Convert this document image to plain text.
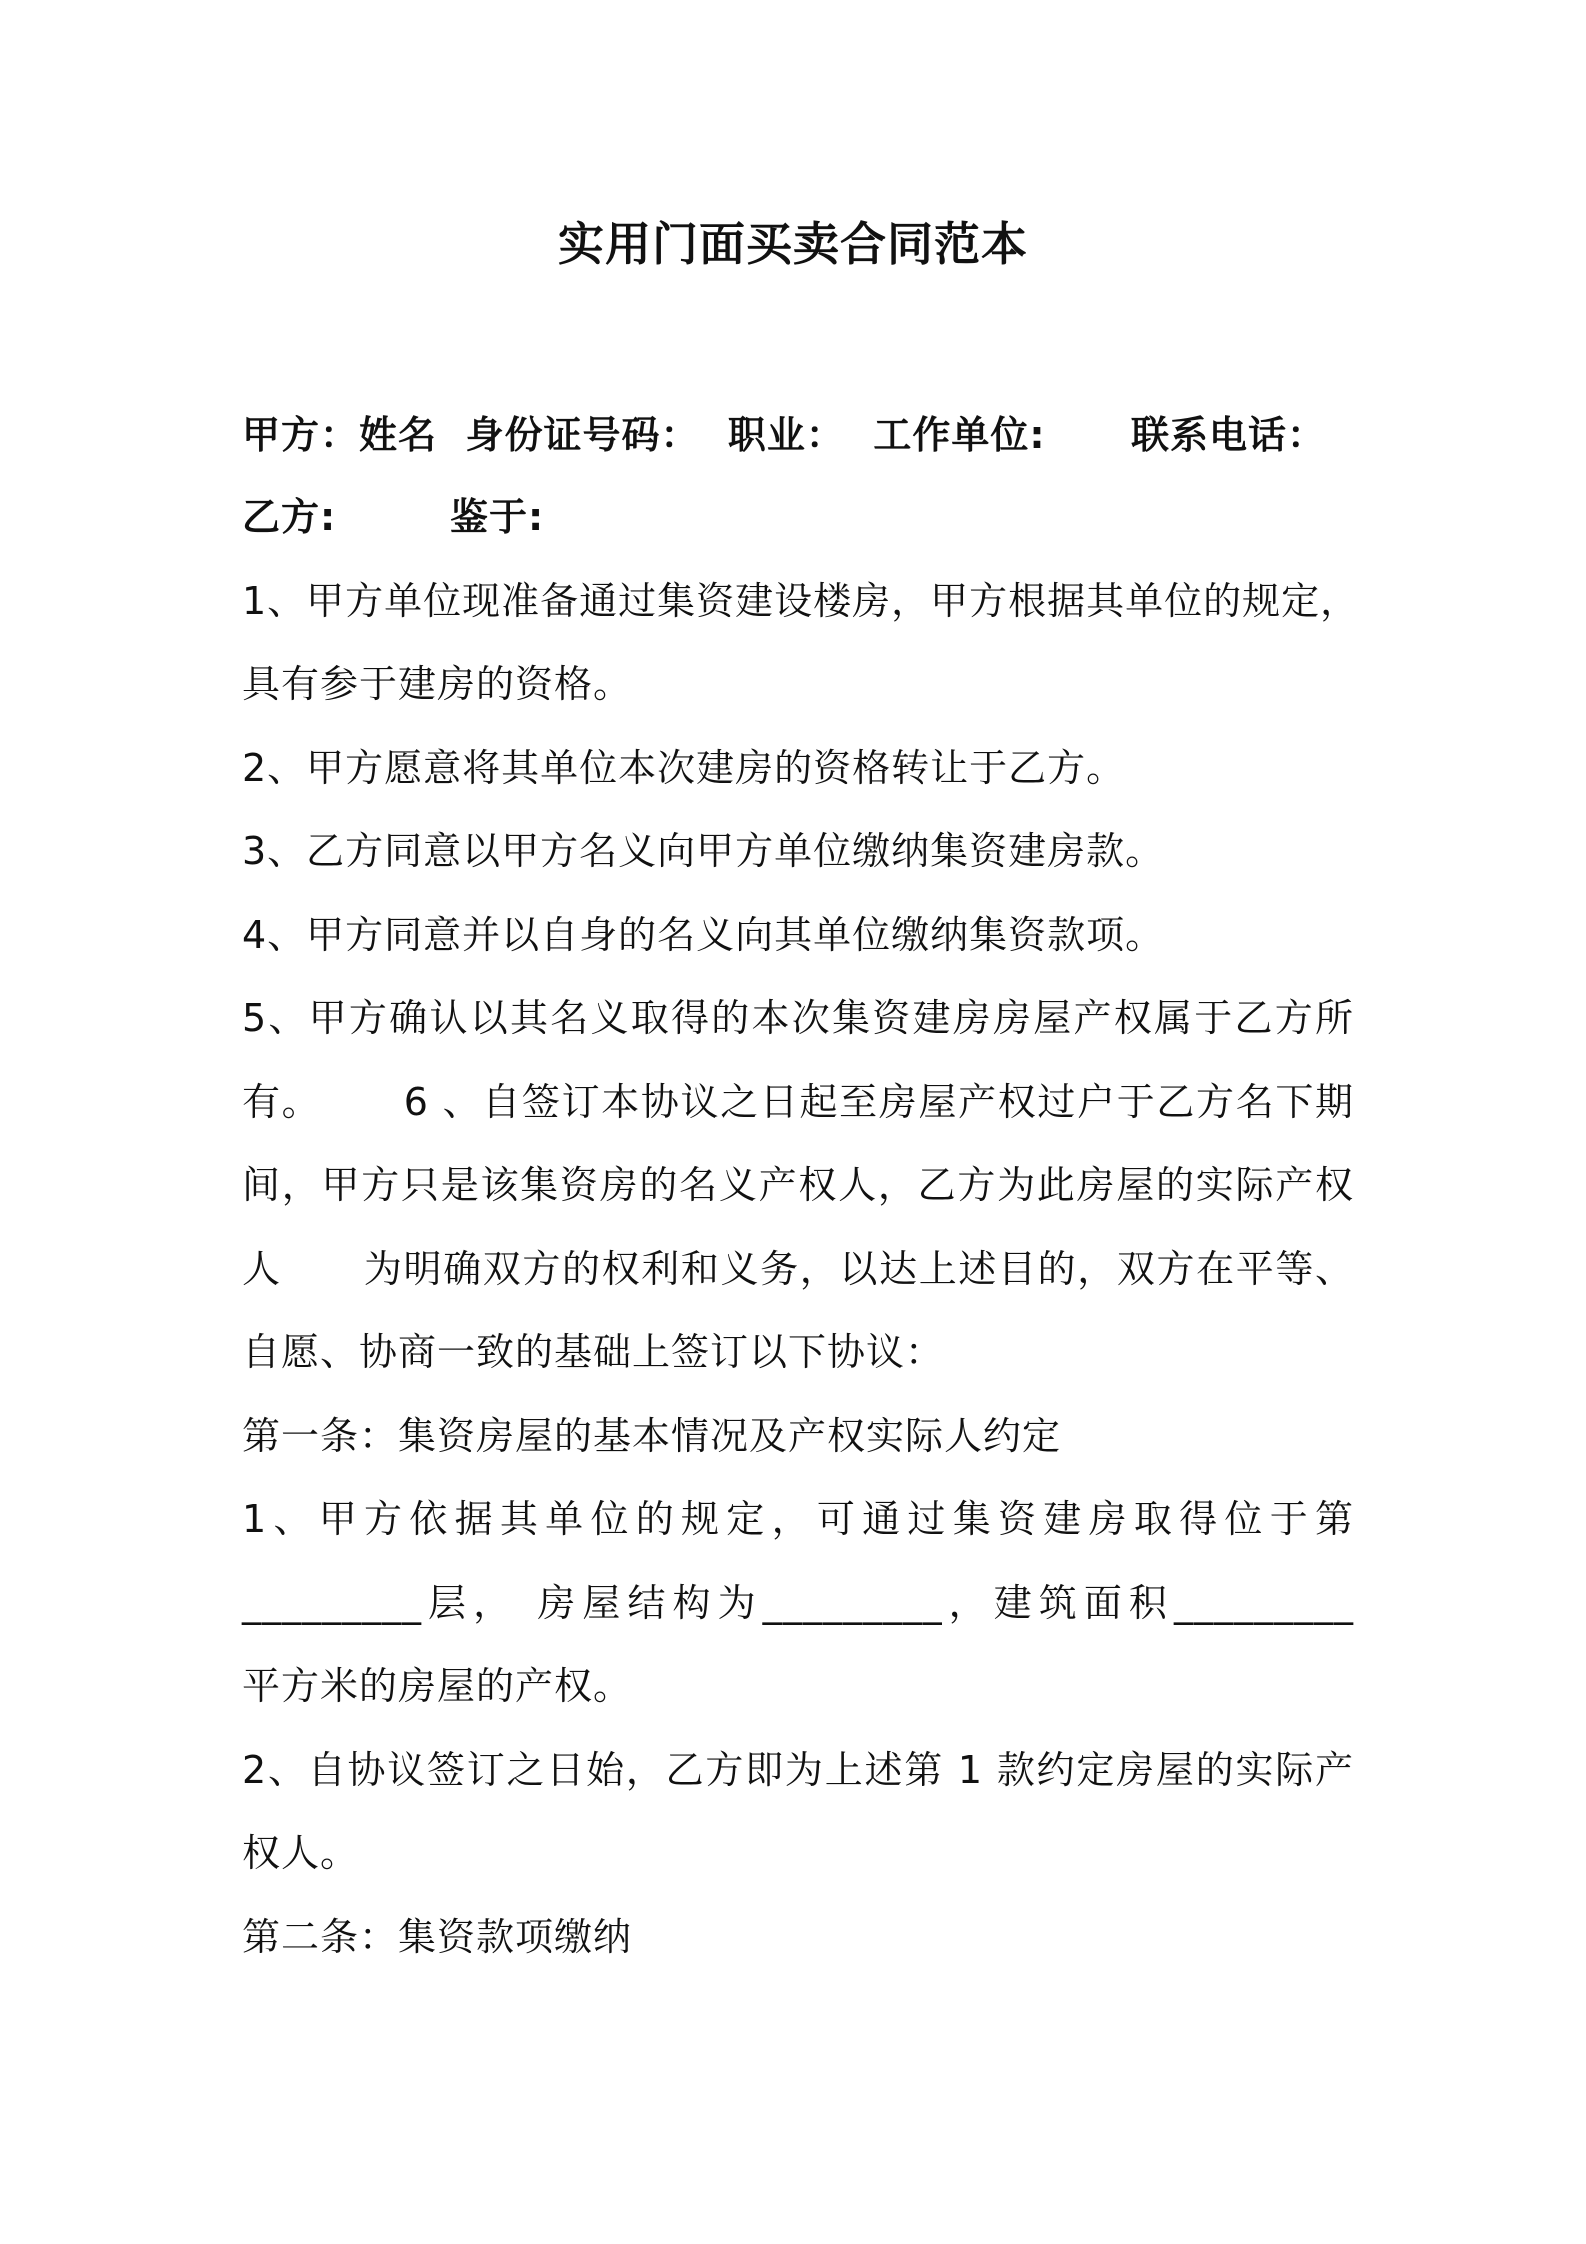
实用门面买卖合同范本
甲方：姓名  身份证号码：  职业：  工作单位:      联系电话：
乙方:        鉴于:
1、甲方单位现准备通过集资建设楼房，甲方根据其单位的规定，
具有参于建房的资格。
2、甲方愿意将其单位本次建房的资格转让于乙方。
3、乙方同意以甲方名义向甲方单位缴纳集资建房款。
4、甲方同意并以自身的名义向其单位缴纳集资款项。
5、甲方确认以其名义取得的本次集资建房房屋产权属于乙方所
有。      6 、自签订本协议之日起至房屋产权过户于乙方名下期
间，甲方只是该集资房的名义产权人，乙方为此房屋的实际产权
人      为明确双方的权利和义务，以达上述目的，双方在平等、
自愿、协商一致的基础上签订以下协议：
第一条：集资房屋的基本情况及产权实际人约定
1、甲方依据其单位的规定，可通过集资建房取得位于第
_________层， 房屋结构为_________，建筑面积_________
平方米的房屋的产权。
2、自协议签订之日始，乙方即为上述第 1 款约定房屋的实际产
权人。
第二条：集资款项缴纳
